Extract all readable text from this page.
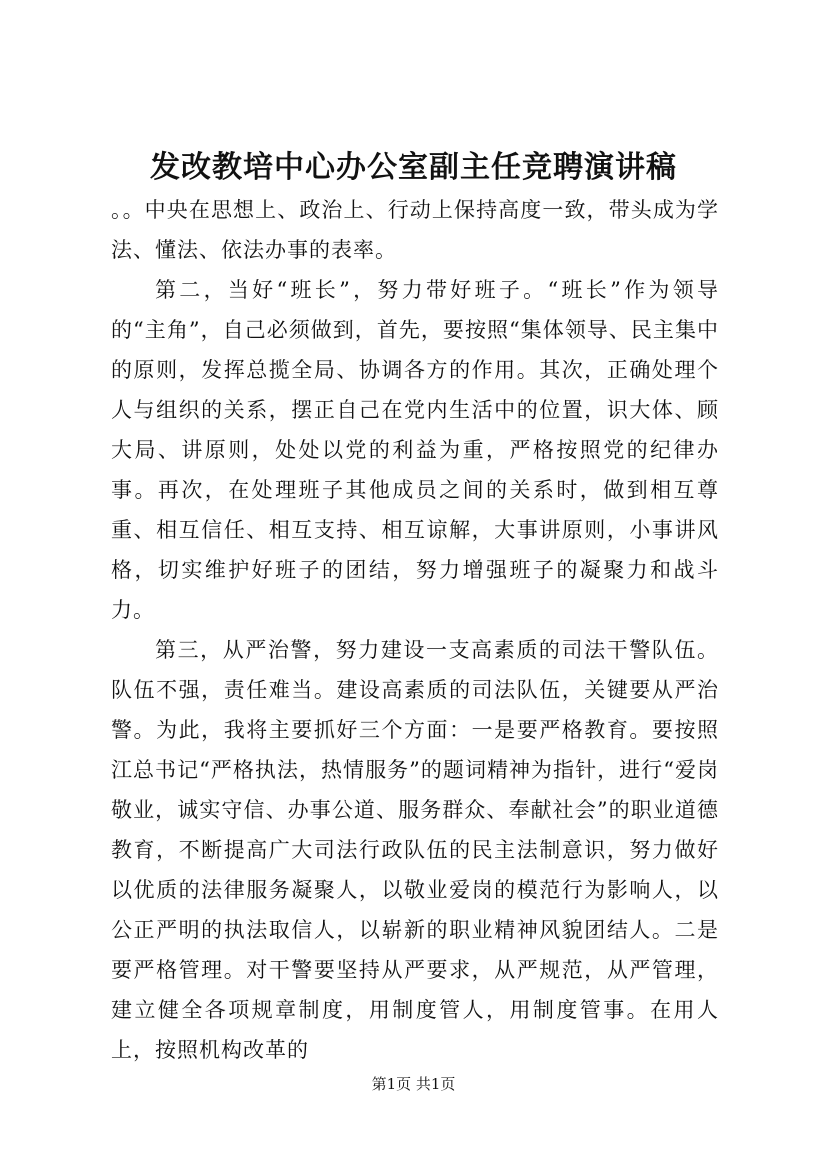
发改教培中心办公室副主任竞聘演讲稿

。。中央在思想上、政治上、行动上保持高度一致，带头成为学法、懂法、依法办事的表率。

第二，当好“班长”，努力带好班子。“班长”作为领导的“主角”，自己必须做到，首先，要按照“集体领导、民主集中的原则，发挥总揽全局、协调各方的作用。其次，正确处理个人与组织的关系，摆正自己在党内生活中的位置，识大体、顾大局、讲原则，处处以党的利益为重，严格按照党的纪律办事。再次，在处理班子其他成员之间的关系时，做到相互尊重、相互信任、相互支持、相互谅解，大事讲原则，小事讲风格，切实维护好班子的团结，努力增强班子的凝聚力和战斗力。

第三，从严治警，努力建设一支高素质的司法干警队伍。队伍不强，责任难当。建设高素质的司法队伍，关键要从严治警。为此，我将主要抓好三个方面：一是要严格教育。要按照江总书记“严格执法，热情服务”的题词精神为指针，进行“爱岗敬业，诚实守信、办事公道、服务群众、奉献社会”的职业道德教育，不断提高广大司法行政队伍的民主法制意识，努力做好以优质的法律服务凝聚人，以敬业爱岗的模范行为影响人，以公正严明的执法取信人，以崭新的职业精神风貌团结人。二是要严格管理。对干警要坚持从严要求，从严规范，从严管理，建立健全各项规章制度，用制度管人，用制度管事。在用人上，按照机构改革的

第1页 共1页
